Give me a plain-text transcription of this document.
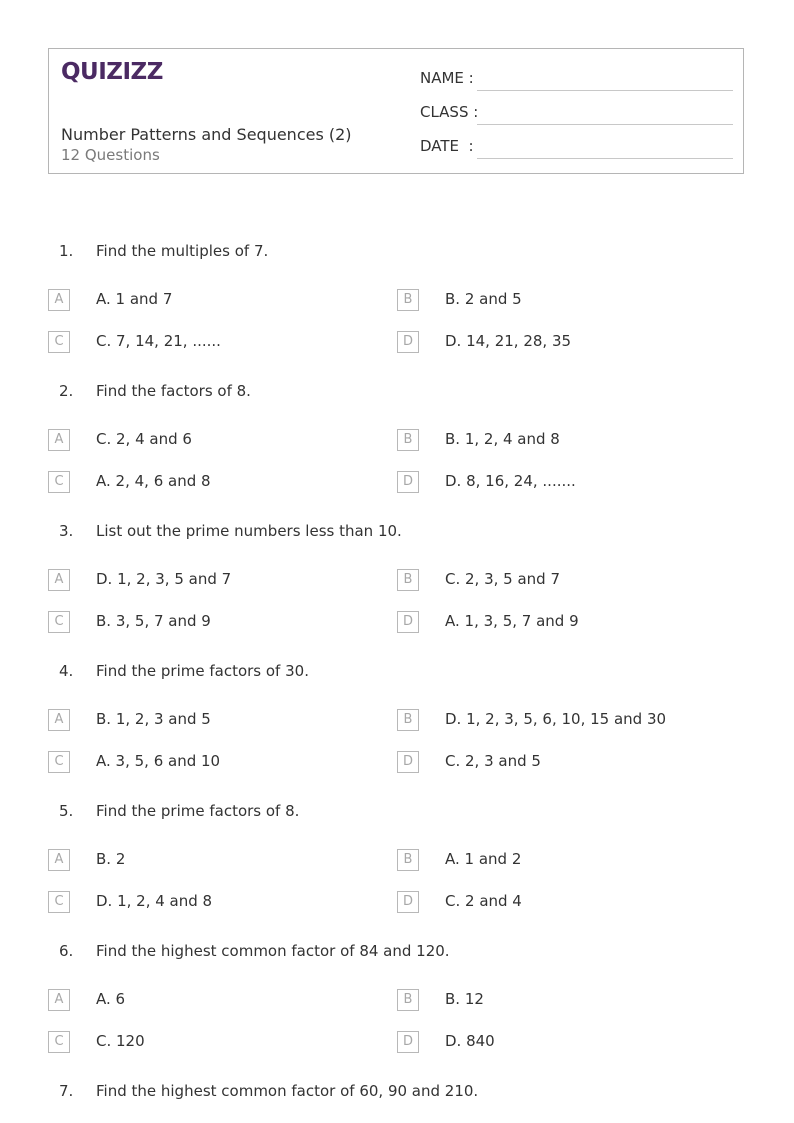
QUIZIZZ
Number Patterns and Sequences (2)
12 Questions
NAME :
CLASS :
DATE  :
1. Find the multiples of 7.
A	A. 1 and 7	B	B. 2 and 5
C	C. 7, 14, 21, ......	D	D. 14, 21, 28, 35
2. Find the factors of 8.
A	C. 2, 4 and 6	B	B. 1, 2, 4 and 8
C	A. 2, 4, 6 and 8	D	D. 8, 16, 24, .......
3. List out the prime numbers less than 10.
A	D. 1, 2, 3, 5 and 7	B	C. 2, 3, 5 and 7
C	B. 3, 5, 7 and 9	D	A. 1, 3, 5, 7 and 9
4. Find the prime factors of 30.
A	B. 1, 2, 3 and 5	B	D. 1, 2, 3, 5, 6, 10, 15 and 30
C	A. 3, 5, 6 and 10	D	C. 2, 3 and 5
5. Find the prime factors of 8.
A	B. 2	B	A. 1 and 2
C	D. 1, 2, 4 and 8	D	C. 2 and 4
6. Find the highest common factor of 84 and 120.
A	A. 6	B	B. 12
C	C. 120	D	D. 840
7. Find the highest common factor of 60, 90 and 210.
